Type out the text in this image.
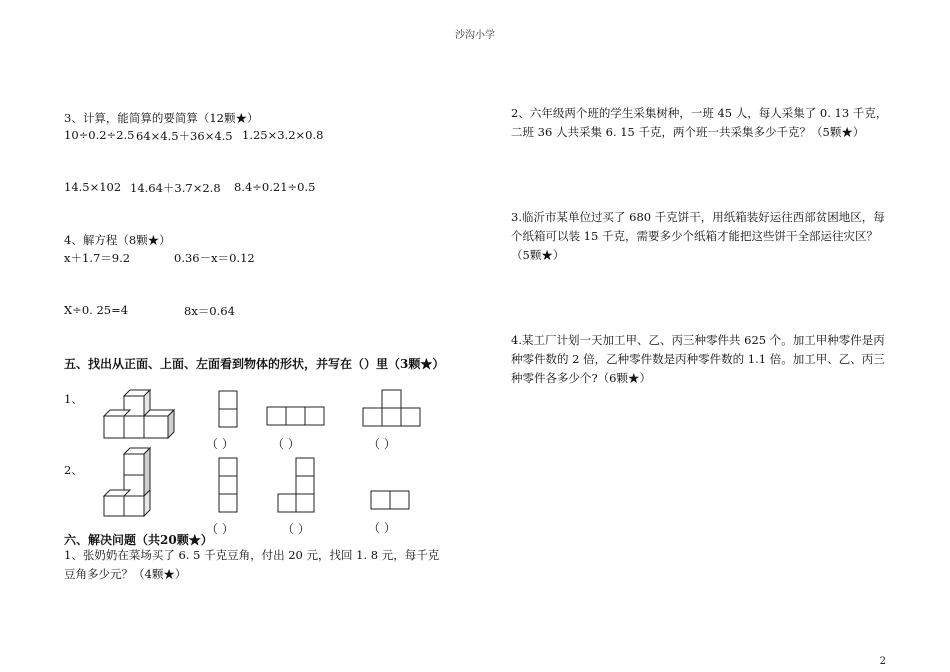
沙沟小学
3、计算，能简算的要简算（12颗★）
10÷0.2÷2.5 64×4.5＋36×4.5 1.25×3.2×0.8
14.5×102 14.64＋3.7×2.8 8.4÷0.21÷0.5
4、解方程（8颗★）
x＋1.7＝9.2	0.36－x＝0.12
X÷0. 25=4	8x＝0.64
五、找出从正面、上面、左面看到物体的形状，并写在（）里（3颗★）
1、
2、
（ ）	（ ）	（ ）
（ ）	（ ）	（ ）
六、解决问题（共20颗★）
1、张奶奶在菜场买了 6. 5 千克豆角，付出 20 元，找回 1. 8 元，每千克豆角多少元？（4颗★）
2、六年级两个班的学生采集树种，一班 45 人，每人采集了 0. 13 千克，二班 36 人共采集 6. 15 千克，两个班一共采集多少千克？（5颗★）
3.临沂市某单位过买了 680 千克饼干，用纸箱装好运往西部贫困地区，每个纸箱可以装 15 千克，需要多少个纸箱才能把这些饼干全部运往灾区？（5颗★）
4.某工厂计划一天加工甲、乙、丙三种零件共 625 个。加工甲种零件是丙种零件数的 2 倍，乙种零件数是丙种零件数的 1.1 倍。加工甲、乙、丙三种零件各多少个?（6颗★）
2
